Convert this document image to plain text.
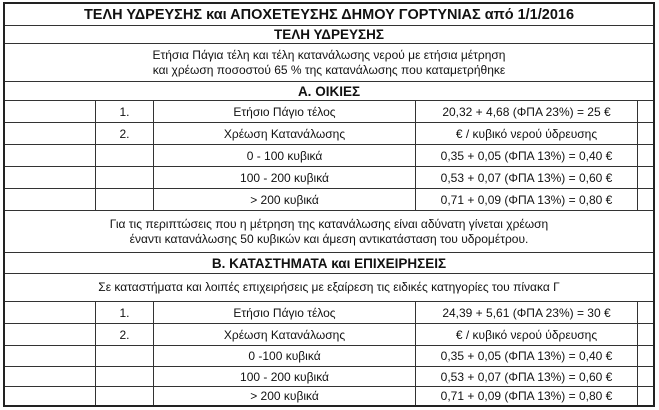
ΤΕΛΗ ΥΔΡΕΥΣΗΣ και ΑΠΟΧΕΤΕΥΣΗΣ ΔΗΜΟΥ ΓΟΡΤΥΝΙΑΣ από 1/1/2016
ΤΕΛΗ ΥΔΡΕΥΣΗΣ
Ετήσια Πάγια τέλη και τέλη κατανάλωσης νερού με ετήσια μέτρηση
και χρέωση ποσοστού 65 % της κατανάλωσης που καταμετρήθηκε
Α. ΟΙΚΙΕΣ
1.	Ετήσιο Πάγιο τέλος	20,32 + 4,68 (ΦΠΑ 23%) = 25 €
2.	Χρέωση Κατανάλωσης	€ / κυβικό νερού ύδρευσης
0 - 100 κυβικά	0,35 + 0,05 (ΦΠΑ 13%) = 0,40 €
100 - 200 κυβικά	0,53 + 0,07 (ΦΠΑ 13%) = 0,60 €
> 200 κυβικά	0,71 + 0,09 (ΦΠΑ 13%) = 0,80 €
Για τις περιπτώσεις που η μέτρηση της κατανάλωσης είναι αδύνατη γίνεται χρέωση
έναντι κατανάλωσης 50 κυβικών και άμεση αντικατάσταση του υδρομέτρου.
Β. ΚΑΤΑΣΤΗΜΑΤΑ και ΕΠΙΧΕΙΡΗΣΕΙΣ
Σε καταστήματα και λοιπές επιχειρήσεις με εξαίρεση τις ειδικές κατηγορίες του πίνακα Γ
1.	Ετήσιο Πάγιο τέλος	24,39 + 5,61 (ΦΠΑ 23%) = 30 €
2.	Χρέωση Κατανάλωσης	€ / κυβικό νερού ύδρευσης
0 -100 κυβικά	0,35 + 0,05 (ΦΠΑ 13%) = 0,40 €
100 - 200 κυβικά	0,53 + 0,07 (ΦΠΑ 13%) = 0,60 €
> 200 κυβικά	0,71 + 0,09 (ΦΠΑ 13%) = 0,80 €
